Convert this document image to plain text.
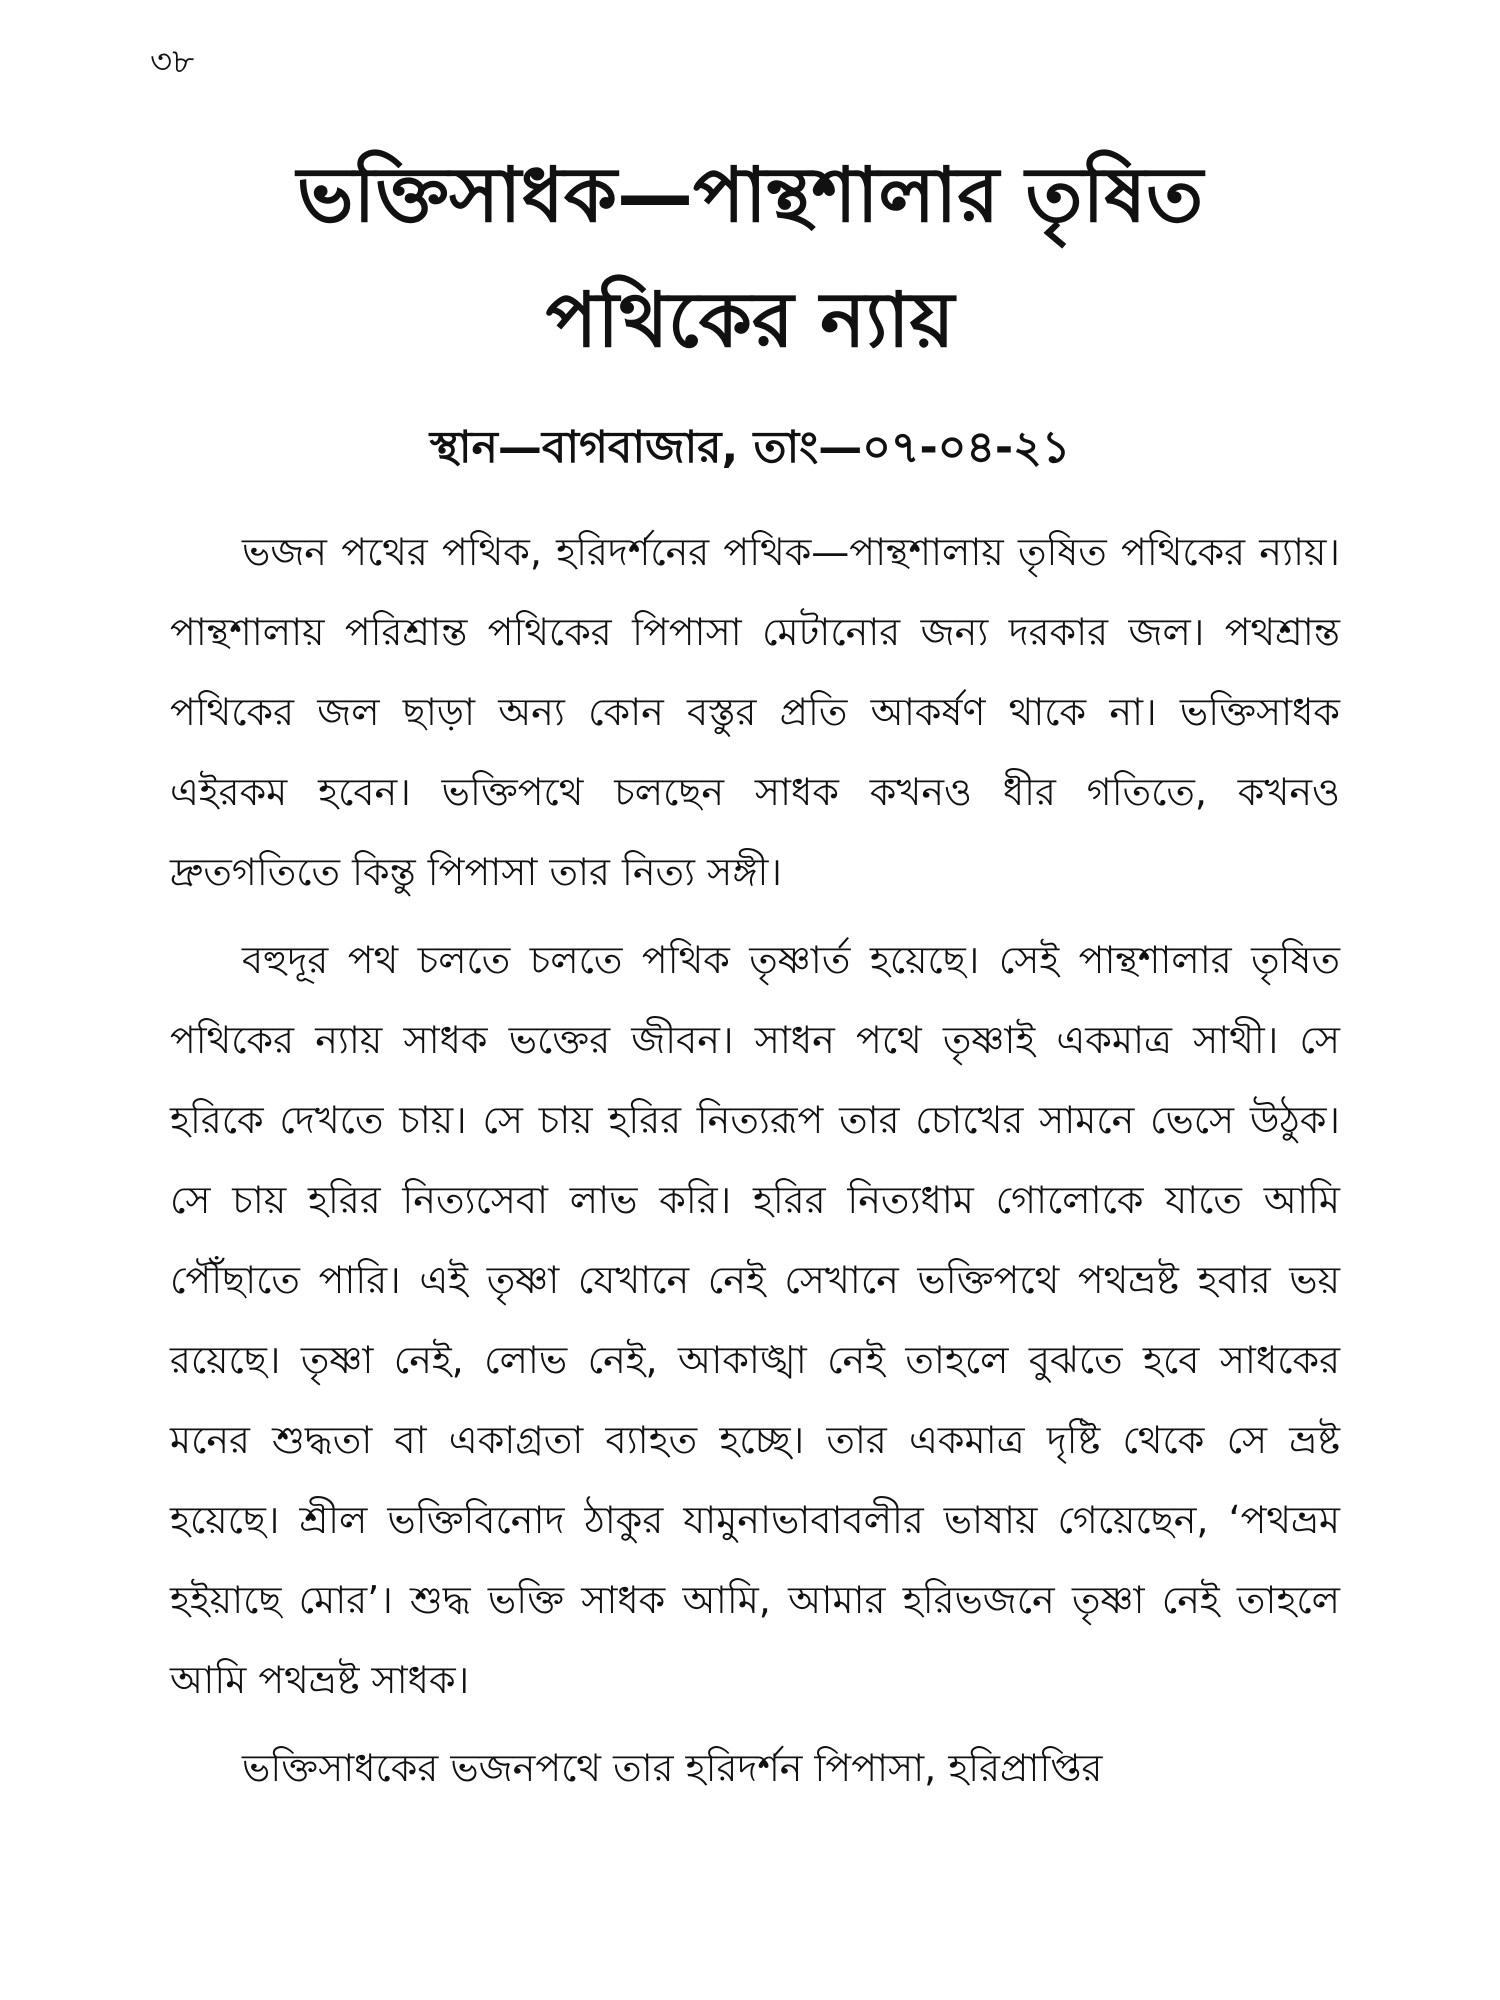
৩৮
ভক্তিসাধক—পান্থশালার তৃষিত
পথিকের ন্যায়
স্থান—বাগবাজার, তাং—০৭-০৪-২১

ভজন পথের পথিক, হরিদর্শনের পথিক—পান্থশালায় তৃষিত পথিকের ন্যায়। পান্থশালায় পরিশ্রান্ত পথিকের পিপাসা মেটানোর জন্য দরকার জল। পথশ্রান্ত পথিকের জল ছাড়া অন্য কোন বস্তুর প্রতি আকর্ষণ থাকে না। ভক্তিসাধক এইরকম হবেন। ভক্তিপথে চলছেন সাধক কখনও ধীর গতিতে, কখনও দ্রুতগতিতে কিন্তু পিপাসা তার নিত্য সঙ্গী।

বহুদূর পথ চলতে চলতে পথিক তৃষ্ণার্ত হয়েছে। সেই পান্থশালার তৃষিত পথিকের ন্যায় সাধক ভক্তের জীবন। সাধন পথে তৃষ্ণাই একমাত্র সাথী। সে হরিকে দেখতে চায়। সে চায় হরির নিত্যরূপ তার চোখের সামনে ভেসে উঠুক। সে চায় হরির নিত্যসেবা লাভ করি। হরির নিত্যধাম গোলোকে যাতে আমি পৌঁছাতে পারি। এই তৃষ্ণা যেখানে নেই সেখানে ভক্তিপথে পথভ্রষ্ট হবার ভয় রয়েছে। তৃষ্ণা নেই, লোভ নেই, আকাঙ্খা নেই তাহলে বুঝতে হবে সাধকের মনের শুদ্ধতা বা একাগ্রতা ব্যাহত হচ্ছে। তার একমাত্র দৃষ্টি থেকে সে ভ্রষ্ট হয়েছে। শ্রীল ভক্তিবিনোদ ঠাকুর যামুনাভাবাবলীর ভাষায় গেয়েছেন, ‘পথভ্রম হইয়াছে মোর’। শুদ্ধ ভক্তি সাধক আমি, আমার হরিভজনে তৃষ্ণা নেই তাহলে আমি পথভ্রষ্ট সাধক।

ভক্তিসাধকের ভজনপথে তার হরিদর্শন পিপাসা, হরিপ্রাপ্তির
